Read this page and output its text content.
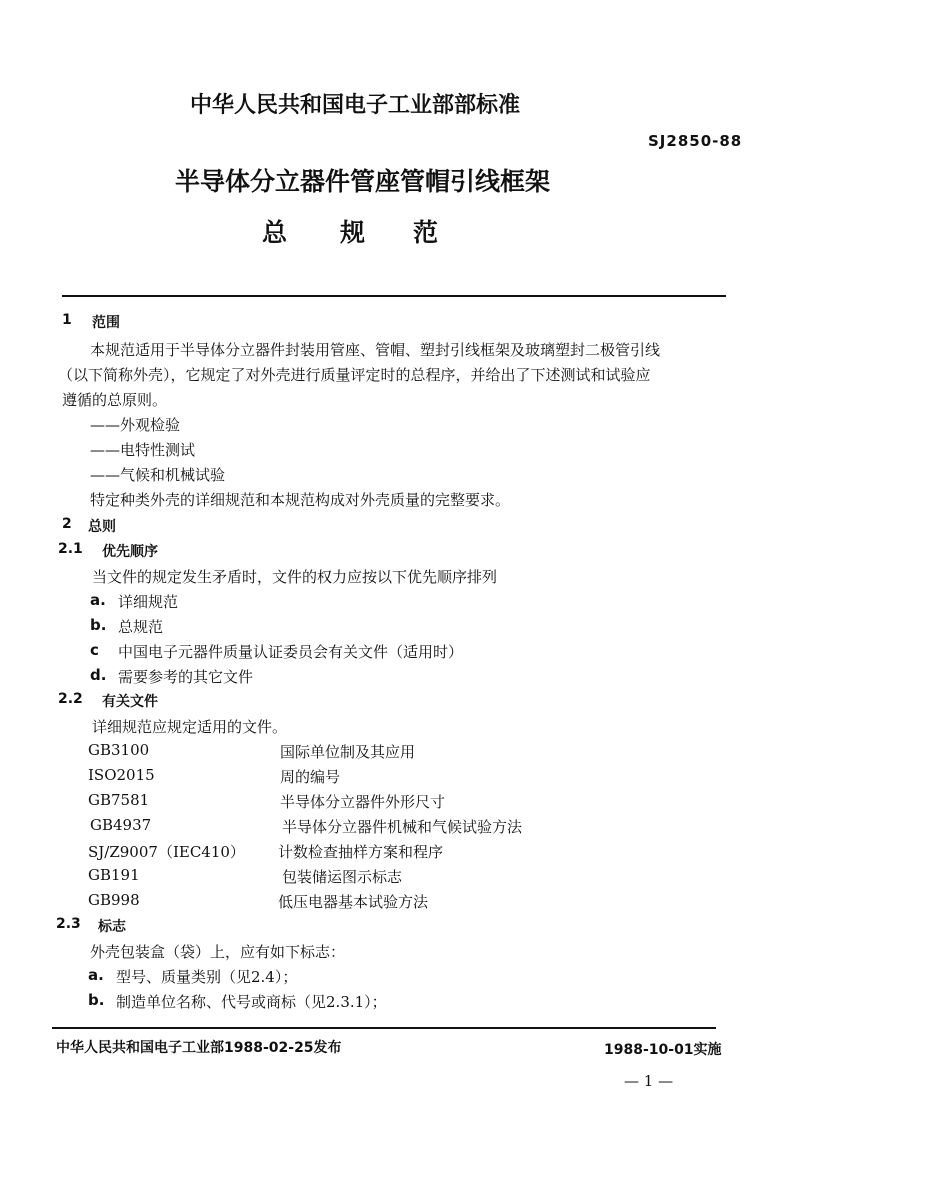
中华人民共和国电子工业部部标准
SJ2850-88
半导体分立器件管座管帽引线框架
总 规 范
1 范围
本规范适用于半导体分立器件封装用管座、管帽、塑封引线框架及玻璃塑封二极管引线
（以下简称外壳），它规定了对外壳进行质量评定时的总程序，并给出了下述测试和试验应
遵循的总原则。
——外观检验
——电特性测试
——气候和机械试验
特定种类外壳的详细规范和本规范构成对外壳质量的完整要求。
2 总则
2.1 优先顺序
当文件的规定发生矛盾时，文件的权力应按以下优先顺序排列
a. 详细规范
b. 总规范
c 中国电子元器件质量认证委员会有关文件（适用时）
d. 需要参考的其它文件
2.2 有关文件
详细规范应规定适用的文件。
GB3100	国际单位制及其应用
ISO2015	周的编号
GB7581	半导体分立器件外形尺寸
GB4937	半导体分立器件机械和气候试验方法
SJ/Z9007（IEC410） 计数检查抽样方案和程序
GB191	包装储运图示标志
GB998	低压电器基本试验方法
2.3 标志
外壳包装盒（袋）上，应有如下标志：
a. 型号、质量类别（见2.4）；
b. 制造单位名称、代号或商标（见2.3.1）；
中华人民共和国电子工业部1988-02-25发布	1988-10-01实施
— 1 —
